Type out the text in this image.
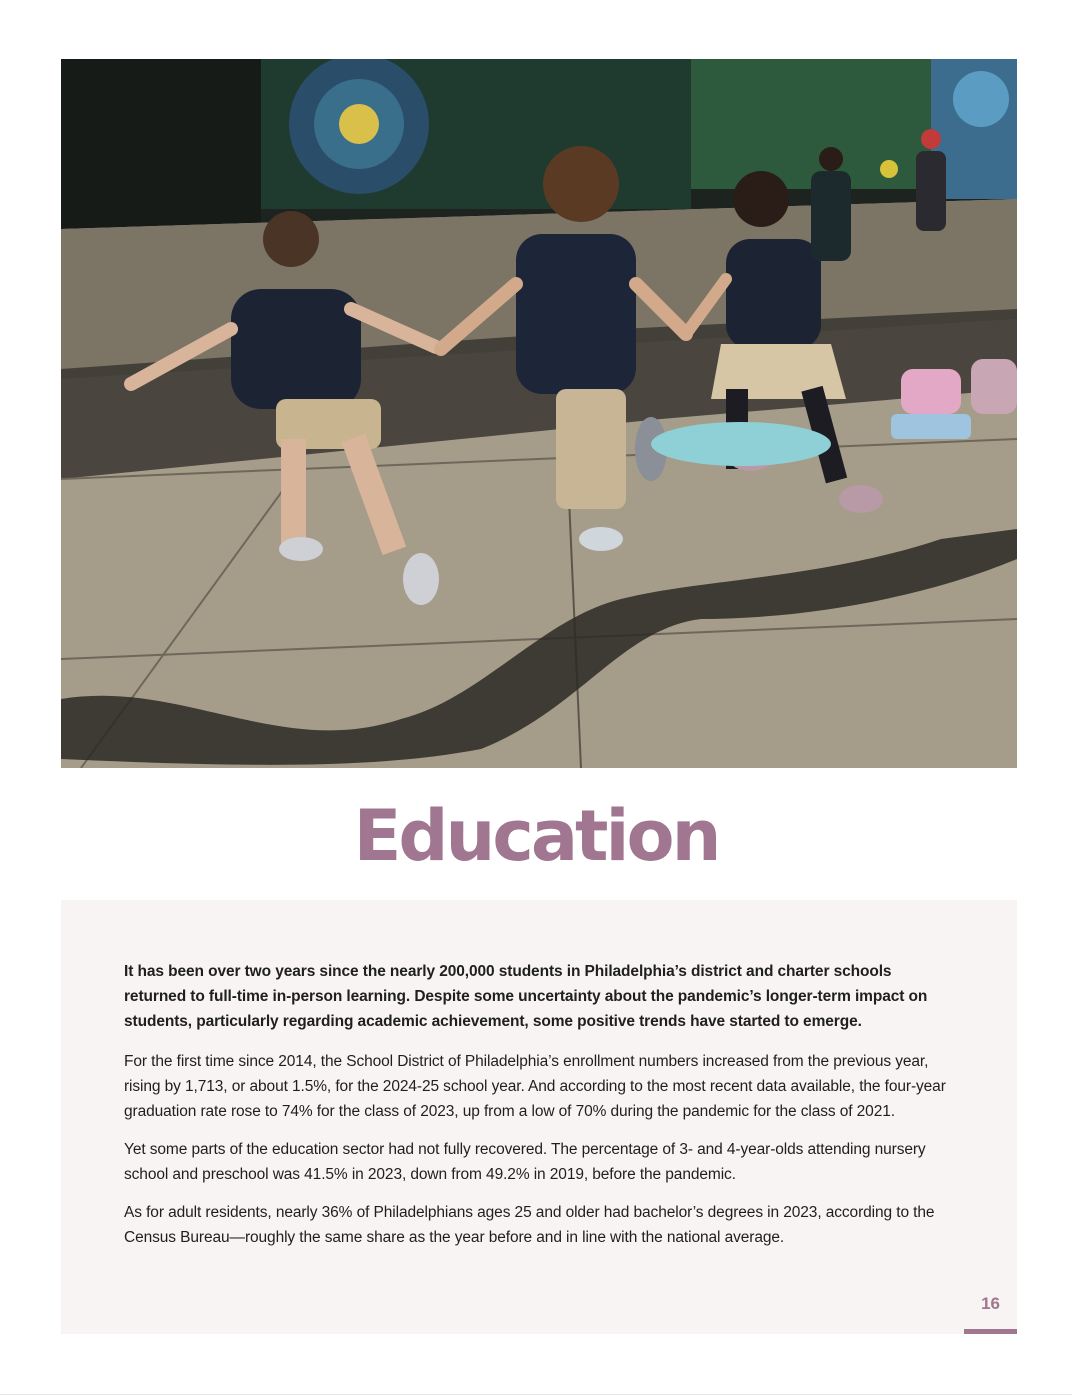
Education

It has been over two years since the nearly 200,000 students in Philadelphia’s district and charter schools returned to full-time in-person learning. Despite some uncertainty about the pandemic’s longer-term impact on students, particularly regarding academic achievement, some positive trends have started to emerge.

For the first time since 2014, the School District of Philadelphia’s enrollment numbers increased from the previous year, rising by 1,713, or about 1.5%, for the 2024-25 school year. And according to the most recent data available, the four-year graduation rate rose to 74% for the class of 2023, up from a low of 70% during the pandemic for the class of 2021.

Yet some parts of the education sector had not fully recovered. The percentage of 3- and 4-year-olds attending nursery school and preschool was 41.5% in 2023, down from 49.2% in 2019, before the pandemic.

As for adult residents, nearly 36% of Philadelphians ages 25 and older had bachelor’s degrees in 2023, according to the Census Bureau—roughly the same share as the year before and in line with the national average.

16
